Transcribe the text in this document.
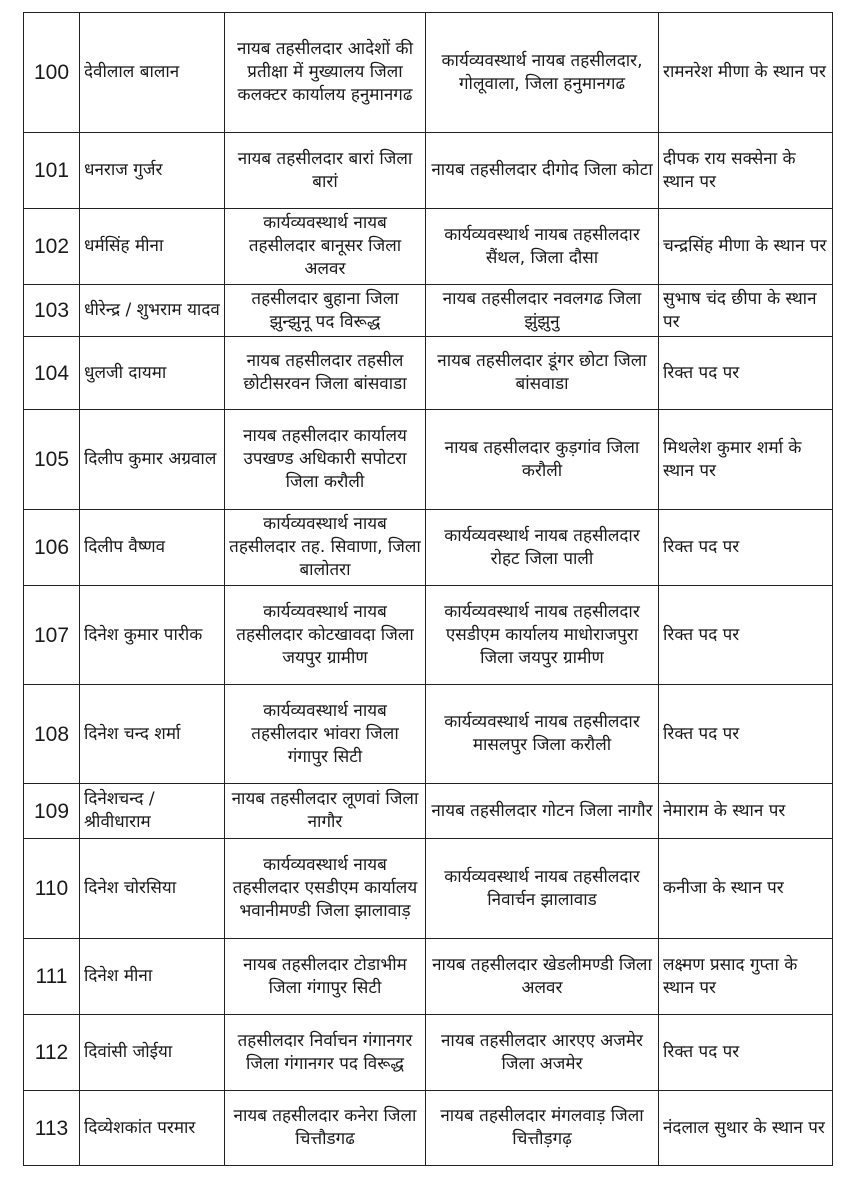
100	देवीलाल बालान	नायब तहसीलदार आदेशों की प्रतीक्षा में मुख्यालय जिला कलक्टर कार्यालय हनुमानगढ	कार्यव्यवस्थार्थ नायब तहसीलदार, गोलूवाला, जिला हनुमानगढ	रामनरेश मीणा के स्थान पर
101	धनराज गुर्जर	नायब तहसीलदार बारां जिला बारां	नायब तहसीलदार दीगोद जिला कोटा	दीपक राय सक्सेना के स्थान पर
102	धर्मसिंह मीना	कार्यव्यवस्थार्थ नायब तहसीलदार बानूसर जिला अलवर	कार्यव्यवस्थार्थ नायब तहसीलदार सैंथल, जिला दौसा	चन्द्रसिंह मीणा के स्थान पर
103	धीरेन्द्र / शुभराम यादव	तहसीलदार बुहाना जिला झुन्झुनू पद विरूद्ध	नायब तहसीलदार नवलगढ जिला झुंझुनु	सुभाष चंद छीपा के स्थान पर
104	धुलजी दायमा	नायब तहसीलदार तहसील छोटीसरवन जिला बांसवाडा	नायब तहसीलदार डूंगर छोटा जिला बांसवाडा	रिक्त पद पर
105	दिलीप कुमार अग्रवाल	नायब तहसीलदार कार्यालय उपखण्ड अधिकारी सपोटरा जिला करौली	नायब तहसीलदार कुड़गांव जिला करौली	मिथलेश कुमार शर्मा के स्थान पर
106	दिलीप वैष्णव	कार्यव्यवस्थार्थ नायब तहसीलदार तह. सिवाणा, जिला बालोतरा	कार्यव्यवस्थार्थ नायब तहसीलदार रोहट जिला पाली	रिक्त पद पर
107	दिनेश कुमार पारीक	कार्यव्यवस्थार्थ नायब तहसीलदार कोटखावदा जिला जयपुर ग्रामीण	कार्यव्यवस्थार्थ नायब तहसीलदार एसडीएम कार्यालय माधोराजपुरा जिला जयपुर ग्रामीण	रिक्त पद पर
108	दिनेश चन्द शर्मा	कार्यव्यवस्थार्थ नायब तहसीलदार भांवरा जिला गंगापुर सिटी	कार्यव्यवस्थार्थ नायब तहसीलदार मासलपुर जिला करौली	रिक्त पद पर
109	दिनेशचन्द / श्रीवीधाराम	नायब तहसीलदार लूणवां जिला नागौर	नायब तहसीलदार गोटन जिला नागौर	नेमाराम के स्थान पर
110	दिनेश चोरसिया	कार्यव्यवस्थार्थ नायब तहसीलदार एसडीएम कार्यालय भवानीमण्डी जिला झालावाड़	कार्यव्यवस्थार्थ नायब तहसीलदार निवार्चन झालावाड	कनीजा के स्थान पर
111	दिनेश मीना	नायब तहसीलदार टोडाभीम जिला गंगापुर सिटी	नायब तहसीलदार खेडलीमण्डी जिला अलवर	लक्ष्मण प्रसाद गुप्ता के स्थान पर
112	दिवांसी जोईया	तहसीलदार निर्वाचन गंगानगर जिला गंगानगर पद विरूद्ध	नायब तहसीलदार आरएए अजमेर जिला अजमेर	रिक्त पद पर
113	दिव्येशकांत परमार	नायब तहसीलदार कनेरा जिला चित्तौडगढ	नायब तहसीलदार मंगलवाड़ जिला चित्तौड़गढ़	नंदलाल सुथार के स्थान पर
